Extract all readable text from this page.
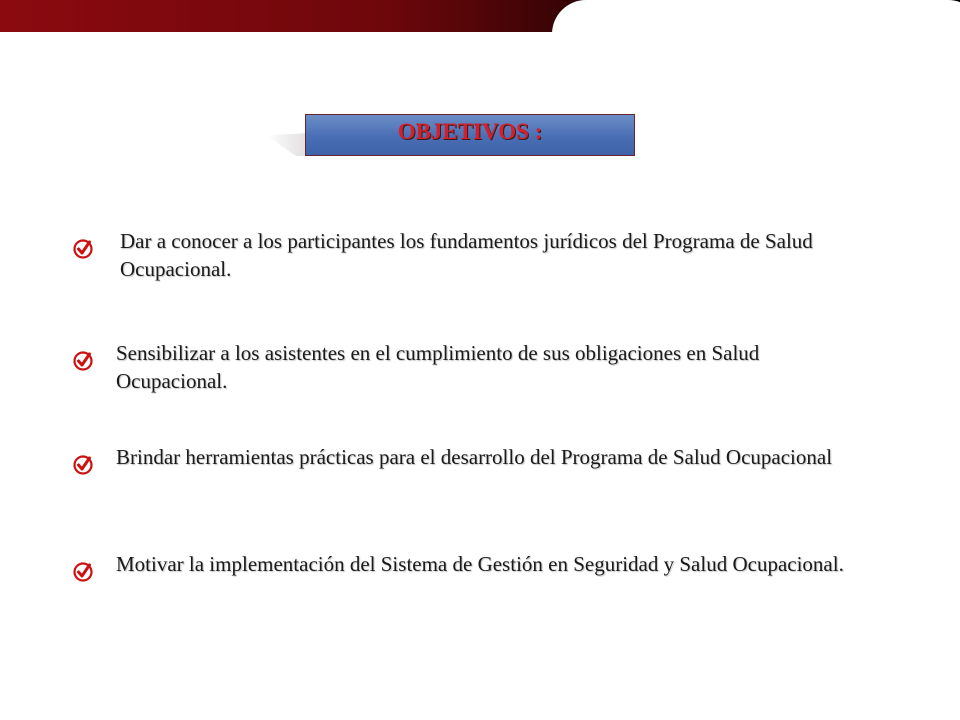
OBJETIVOS :
Dar a conocer a los participantes los fundamentos jurídicos del Programa de Salud Ocupacional.
Sensibilizar a los asistentes en el cumplimiento de sus obligaciones en Salud Ocupacional.
Brindar herramientas prácticas para el desarrollo del Programa de Salud Ocupacional
Motivar la implementación del Sistema de Gestión en Seguridad y Salud Ocupacional.
